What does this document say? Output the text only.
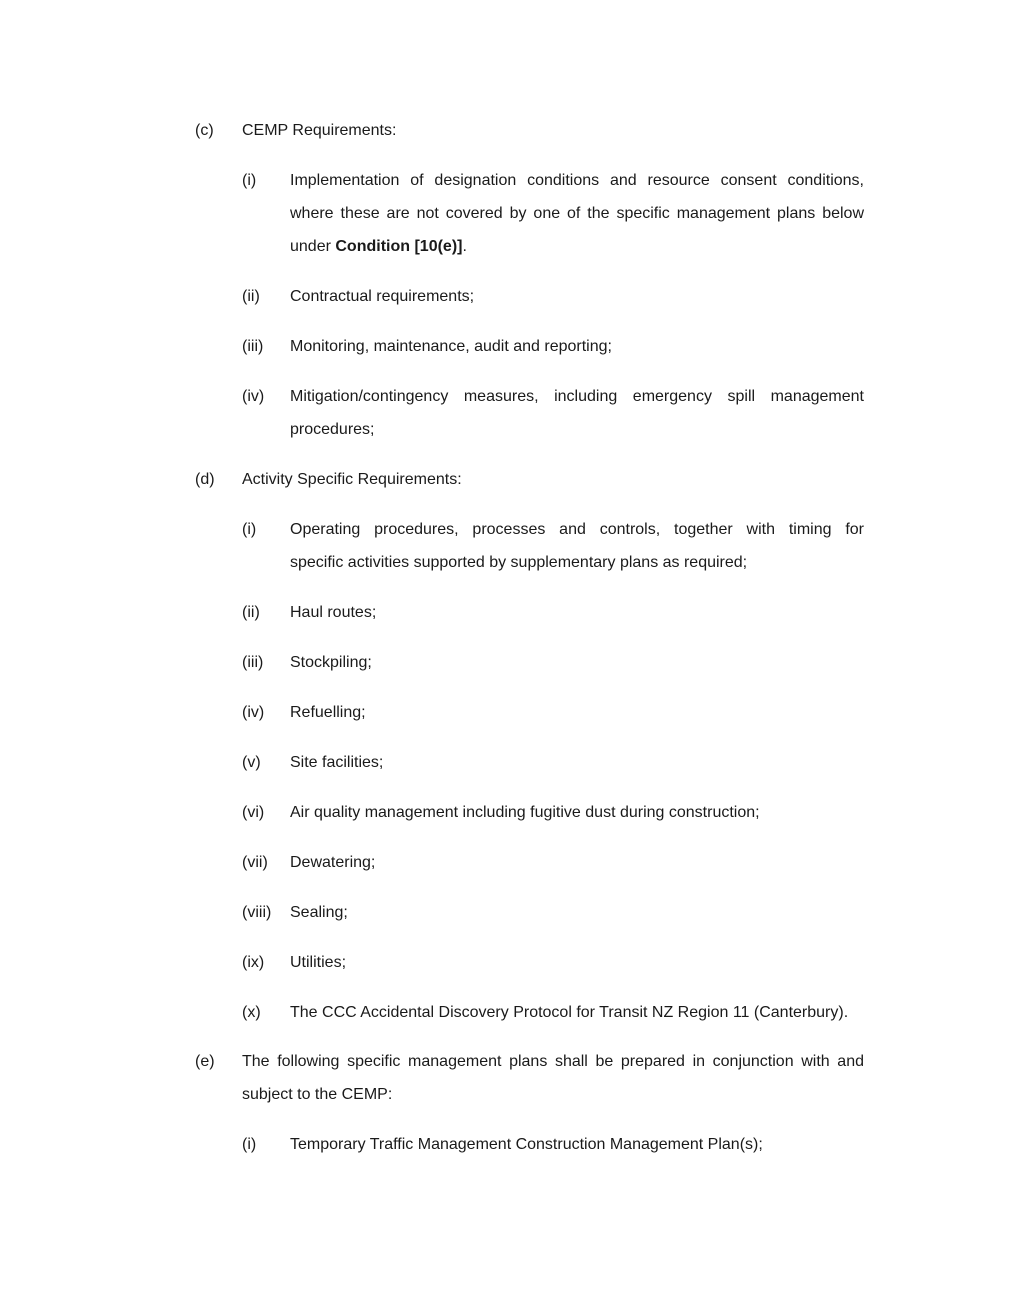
(c) CEMP Requirements:
(i) Implementation of designation conditions and resource consent conditions,
where these are not covered by one of the specific management plans below
under Condition [10(e)].
(ii) Contractual requirements;
(iii) Monitoring, maintenance, audit and reporting;
(iv) Mitigation/contingency measures, including emergency spill management
procedures;
(d) Activity Specific Requirements:
(i) Operating procedures, processes and controls, together with timing for
specific activities supported by supplementary plans as required;
(ii) Haul routes;
(iii) Stockpiling;
(iv) Refuelling;
(v) Site facilities;
(vi) Air quality management including fugitive dust during construction;
(vii) Dewatering;
(viii) Sealing;
(ix) Utilities;
(x) The CCC Accidental Discovery Protocol for Transit NZ Region 11 (Canterbury).
(e) The following specific management plans shall be prepared in conjunction with and
subject to the CEMP:
(i) Temporary Traffic Management Construction Management Plan(s);
